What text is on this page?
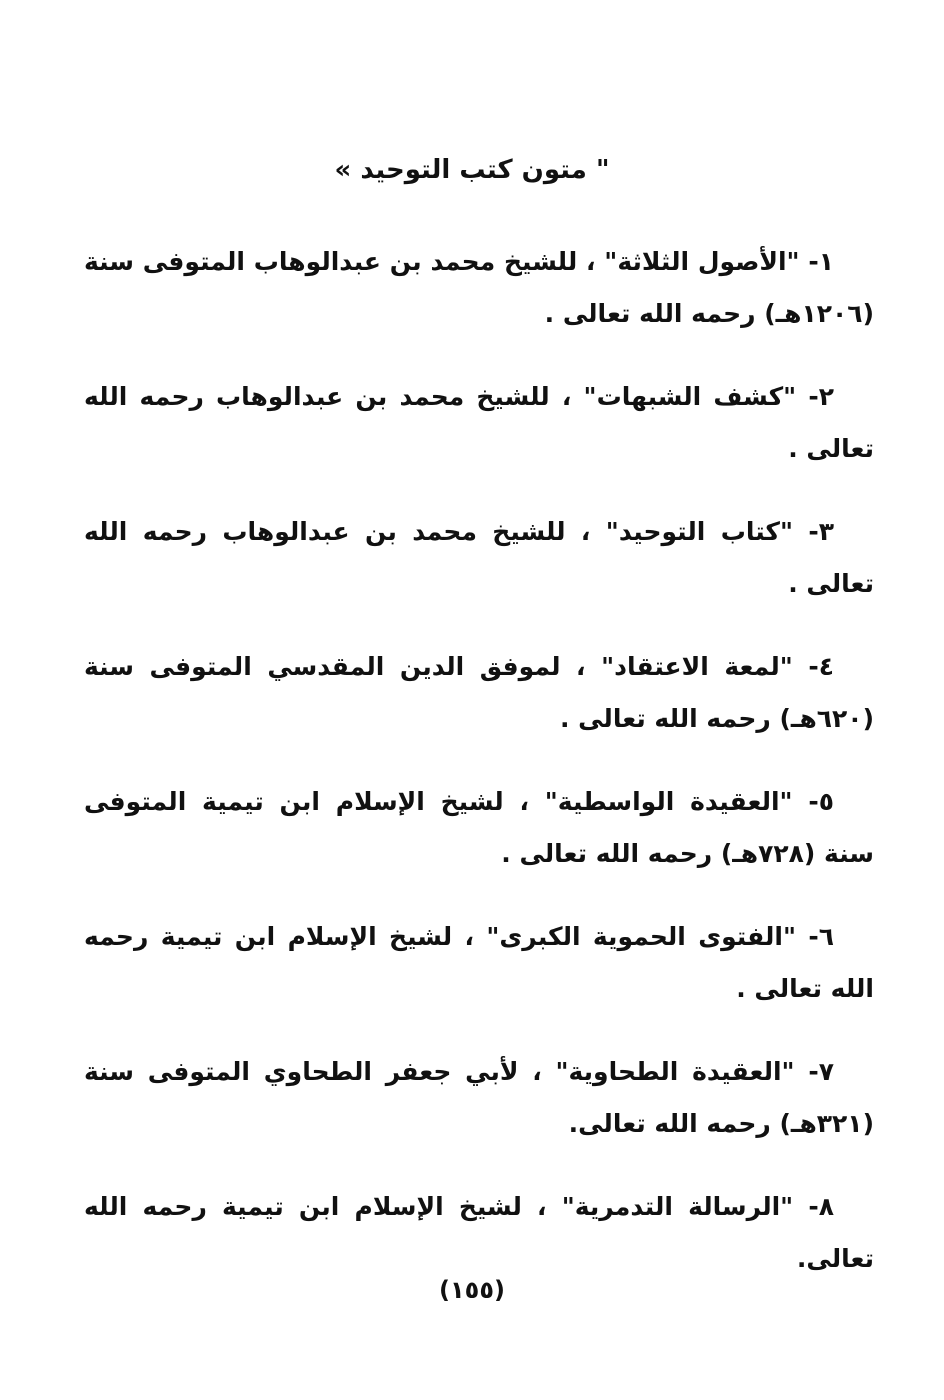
" متون كتب التوحيد »
١- "الأصول الثلاثة" ، للشيخ محمد بن عبدالوهاب المتوفى سنة (١٢٠٦هـ) رحمه الله تعالى .
٢- "كشف الشبهات" ، للشيخ محمد بن عبدالوهاب رحمه الله تعالى .
٣- "كتاب التوحيد" ، للشيخ محمد بن عبدالوهاب رحمه الله تعالى .
٤- "لمعة الاعتقاد" ، لموفق الدين المقدسي المتوفى سنة (٦٢٠هـ) رحمه الله تعالى .
٥- "العقيدة الواسطية" ، لشيخ الإسلام ابن تيمية المتوفى سنة (٧٢٨هـ) رحمه الله تعالى .
٦- "الفتوى الحموية الكبرى" ، لشيخ الإسلام ابن تيمية رحمه الله تعالى .
٧- "العقيدة الطحاوية" ، لأبي جعفر الطحاوي المتوفى سنة (٣٢١هـ) رحمه الله تعالى.
٨- "الرسالة التدمرية" ، لشيخ الإسلام ابن تيمية رحمه الله تعالى.

(١٥٥)
